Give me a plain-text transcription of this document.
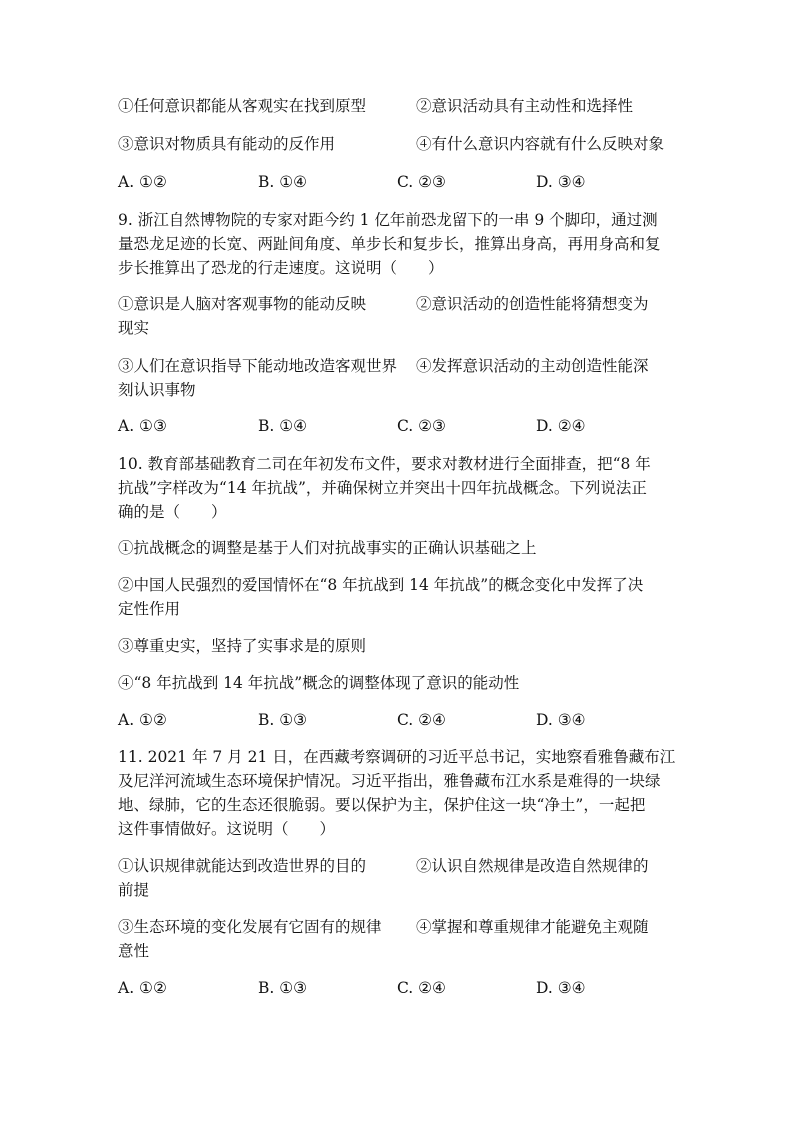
①任何意识都能从客观实在找到原型	②意识活动具有主动性和选择性
③意识对物质具有能动的反作用	④有什么意识内容就有什么反映对象
A. ①②	B. ①④	C. ②③	D. ③④
9. 浙江自然博物院的专家对距今约 1 亿年前恐龙留下的一串 9 个脚印，通过测
量恐龙足迹的长宽、两趾间角度、单步长和复步长，推算出身高，再用身高和复
步长推算出了恐龙的行走速度。这说明（　　）
①意识是人脑对客观事物的能动反映	②意识活动的创造性能将猜想变为
现实
③人们在意识指导下能动地改造客观世界 ④发挥意识活动的主动创造性能深
刻认识事物
A. ①③	B. ①④	C. ②③	D. ②④
10. 教育部基础教育二司在年初发布文件，要求对教材进行全面排查，把“8 年
抗战”字样改为“14 年抗战”，并确保树立并突出十四年抗战概念。下列说法正
确的是（　　）
①抗战概念的调整是基于人们对抗战事实的正确认识基础之上
②中国人民强烈的爱国情怀在“8 年抗战到 14 年抗战”的概念变化中发挥了决
定性作用
③尊重史实，坚持了实事求是的原则
④“8 年抗战到 14 年抗战”概念的调整体现了意识的能动性
A. ①②	B. ①③	C. ②④	D. ③④
11. 2021 年 7 月 21 日，在西藏考察调研的习近平总书记，实地察看雅鲁藏布江
及尼洋河流域生态环境保护情况。习近平指出，雅鲁藏布江水系是难得的一块绿
地、绿肺，它的生态还很脆弱。要以保护为主，保护住这一块“净土”，一起把
这件事情做好。这说明（　　）
①认识规律就能达到改造世界的目的	②认识自然规律是改造自然规律的
前提
③生态环境的变化发展有它固有的规律 ④掌握和尊重规律才能避免主观随
意性
A. ①②	B. ①③	C. ②④	D. ③④
